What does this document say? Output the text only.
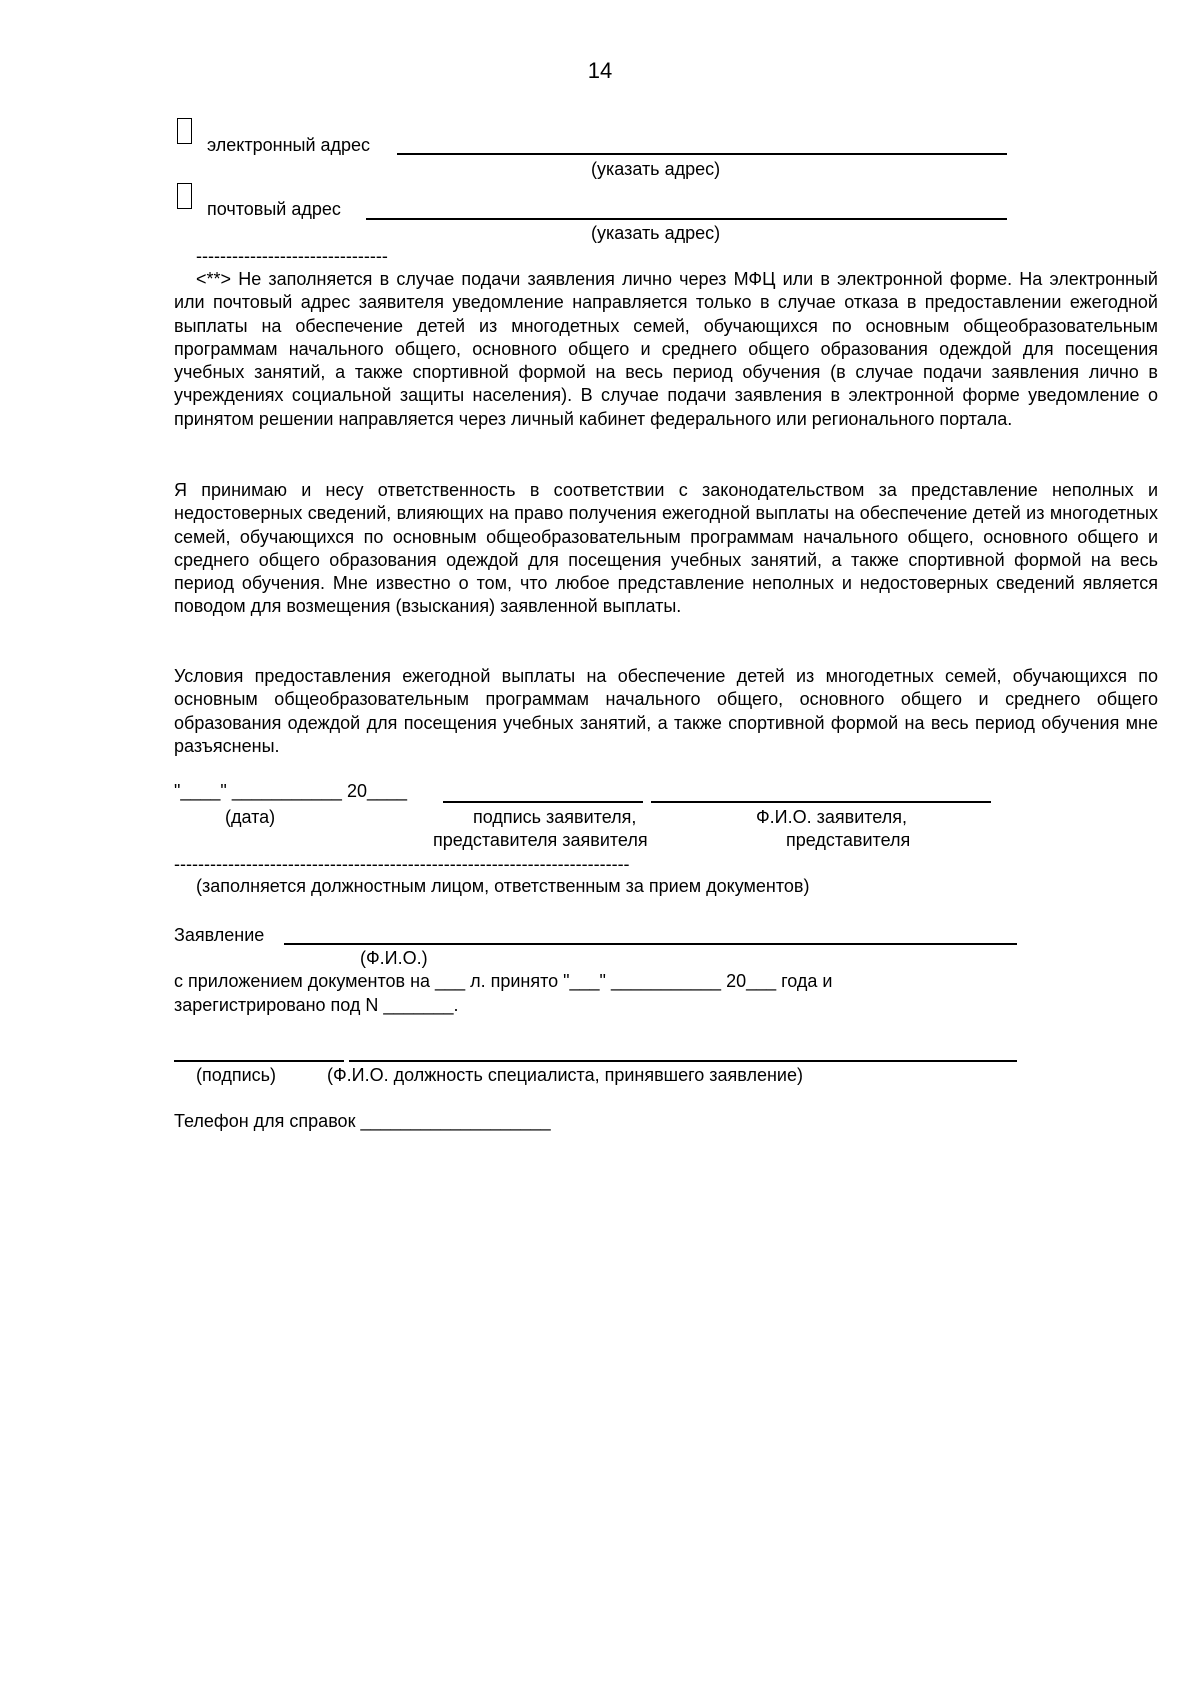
14
электронный адрес
(указать адрес)
почтовый адрес
(указать адрес)
--------------------------------
<**> Не заполняется в случае подачи заявления лично через МФЦ или в электронной форме. На электронный или почтовый адрес заявителя уведомление направляется только в случае отказа в предоставлении ежегодной выплаты на обеспечение детей из многодетных семей, обучающихся по основным общеобразовательным программам начального общего, основного общего и среднего общего образования одеждой для посещения учебных занятий, а также спортивной формой на весь период обучения (в случае подачи заявления лично в учреждениях социальной защиты населения). В случае подачи заявления в электронной форме уведомление о принятом решении направляется через личный кабинет федерального или регионального портала.
Я принимаю и несу ответственность в соответствии с законодательством за представление неполных и недостоверных сведений, влияющих на право получения ежегодной выплаты на обеспечение детей из многодетных семей, обучающихся по основным общеобразовательным программам начального общего, основного общего и среднего общего образования одеждой для посещения учебных занятий, а также спортивной формой на весь период обучения. Мне известно о том, что любое представление неполных и недостоверных сведений является поводом для возмещения (взыскания) заявленной выплаты.
Условия предоставления ежегодной выплаты на обеспечение детей из многодетных семей, обучающихся по основным общеобразовательным программам начального общего, основного общего и среднего общего образования одеждой для посещения учебных занятий, а также спортивной формой на весь период обучения мне разъяснены.
"____" ___________ 20____
(дата)	подпись заявителя,
представителя заявителя
Ф.И.О. заявителя,
представителя
----------------------------------------------------------------------------
(заполняется должностным лицом, ответственным за прием документов)
Заявление
(Ф.И.О.)
с приложением документов на ___ л. принято "___" ___________ 20___ года и
зарегистрировано под N _______.
(подпись)	(Ф.И.О. должность специалиста, принявшего заявление)
Телефон для справок ___________________
